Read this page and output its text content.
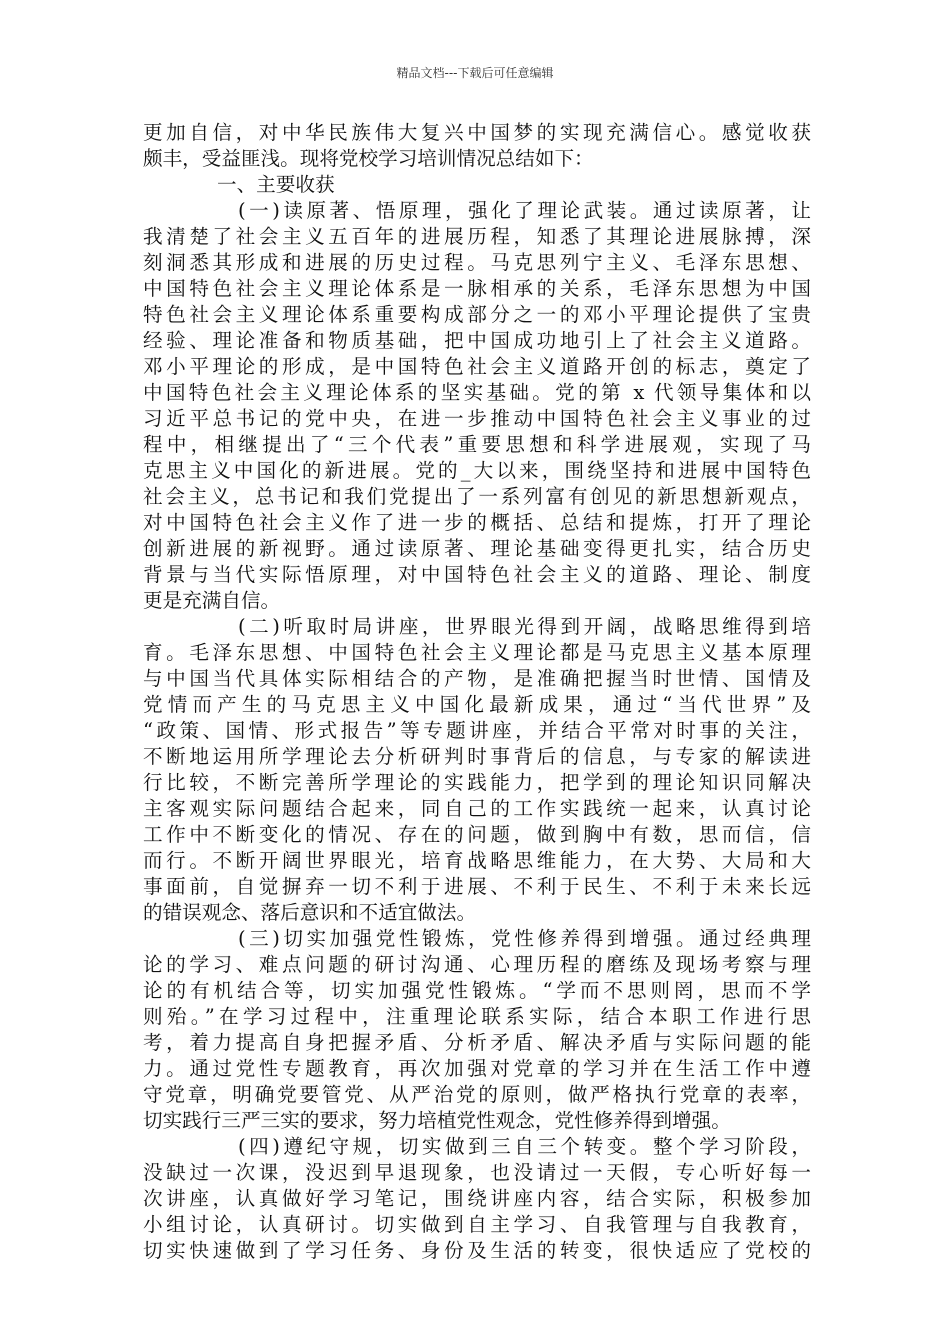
精品文档---下载后可任意编辑
更加自信，对中华民族伟大复兴中国梦的实现充满信心。感觉收获
颇丰，受益匪浅。现将党校学习培训情况总结如下：
一、主要收获
(一)读原著、悟原理，强化了理论武装。通过读原著，让
我清楚了社会主义五百年的进展历程，知悉了其理论进展脉搏，深
刻洞悉其形成和进展的历史过程。马克思列宁主义、毛泽东思想、
中国特色社会主义理论体系是一脉相承的关系，毛泽东思想为中国
特色社会主义理论体系重要构成部分之一的邓小平理论提供了宝贵
经验、理论准备和物质基础，把中国成功地引上了社会主义道路。
邓小平理论的形成，是中国特色社会主义道路开创的标志，奠定了
中国特色社会主义理论体系的坚实基础。党的第 x 代领导集体和以
习近平总书记的党中央，在进一步推动中国特色社会主义事业的过
程中，相继提出了“三个代表”重要思想和科学进展观，实现了马
克思主义中国化的新进展。党的_大以来，围绕坚持和进展中国特色
社会主义，总书记和我们党提出了一系列富有创见的新思想新观点，
对中国特色社会主义作了进一步的概括、总结和提炼，打开了理论
创新进展的新视野。通过读原著、理论基础变得更扎实，结合历史
背景与当代实际悟原理，对中国特色社会主义的道路、理论、制度
更是充满自信。
(二)听取时局讲座，世界眼光得到开阔，战略思维得到培
育。毛泽东思想、中国特色社会主义理论都是马克思主义基本原理
与中国当代具体实际相结合的产物，是准确把握当时世情、国情及
党情而产生的马克思主义中国化最新成果，通过“当代世界”及
“政策、国情、形式报告”等专题讲座，并结合平常对时事的关注，
不断地运用所学理论去分析研判时事背后的信息，与专家的解读进
行比较，不断完善所学理论的实践能力，把学到的理论知识同解决
主客观实际问题结合起来，同自己的工作实践统一起来，认真讨论
工作中不断变化的情况、存在的问题，做到胸中有数，思而信，信
而行。不断开阔世界眼光，培育战略思维能力，在大势、大局和大
事面前，自觉摒弃一切不利于进展、不利于民生、不利于未来长远
的错误观念、落后意识和不适宜做法。
(三)切实加强党性锻炼，党性修养得到增强。通过经典理
论的学习、难点问题的研讨沟通、心理历程的磨练及现场考察与理
论的有机结合等，切实加强党性锻炼。“学而不思则罔，思而不学
则殆。”在学习过程中，注重理论联系实际，结合本职工作进行思
考，着力提高自身把握矛盾、分析矛盾、解决矛盾与实际问题的能
力。通过党性专题教育，再次加强对党章的学习并在生活工作中遵
守党章，明确党要管党、从严治党的原则，做严格执行党章的表率，
切实践行三严三实的要求，努力培植党性观念，党性修养得到增强。
(四)遵纪守规，切实做到三自三个转变。整个学习阶段，
没缺过一次课，没迟到早退现象，也没请过一天假，专心听好每一
次讲座，认真做好学习笔记，围绕讲座内容，结合实际，积极参加
小组讨论，认真研讨。切实做到自主学习、自我管理与自我教育，
切实快速做到了学习任务、身份及生活的转变，很快适应了党校的
